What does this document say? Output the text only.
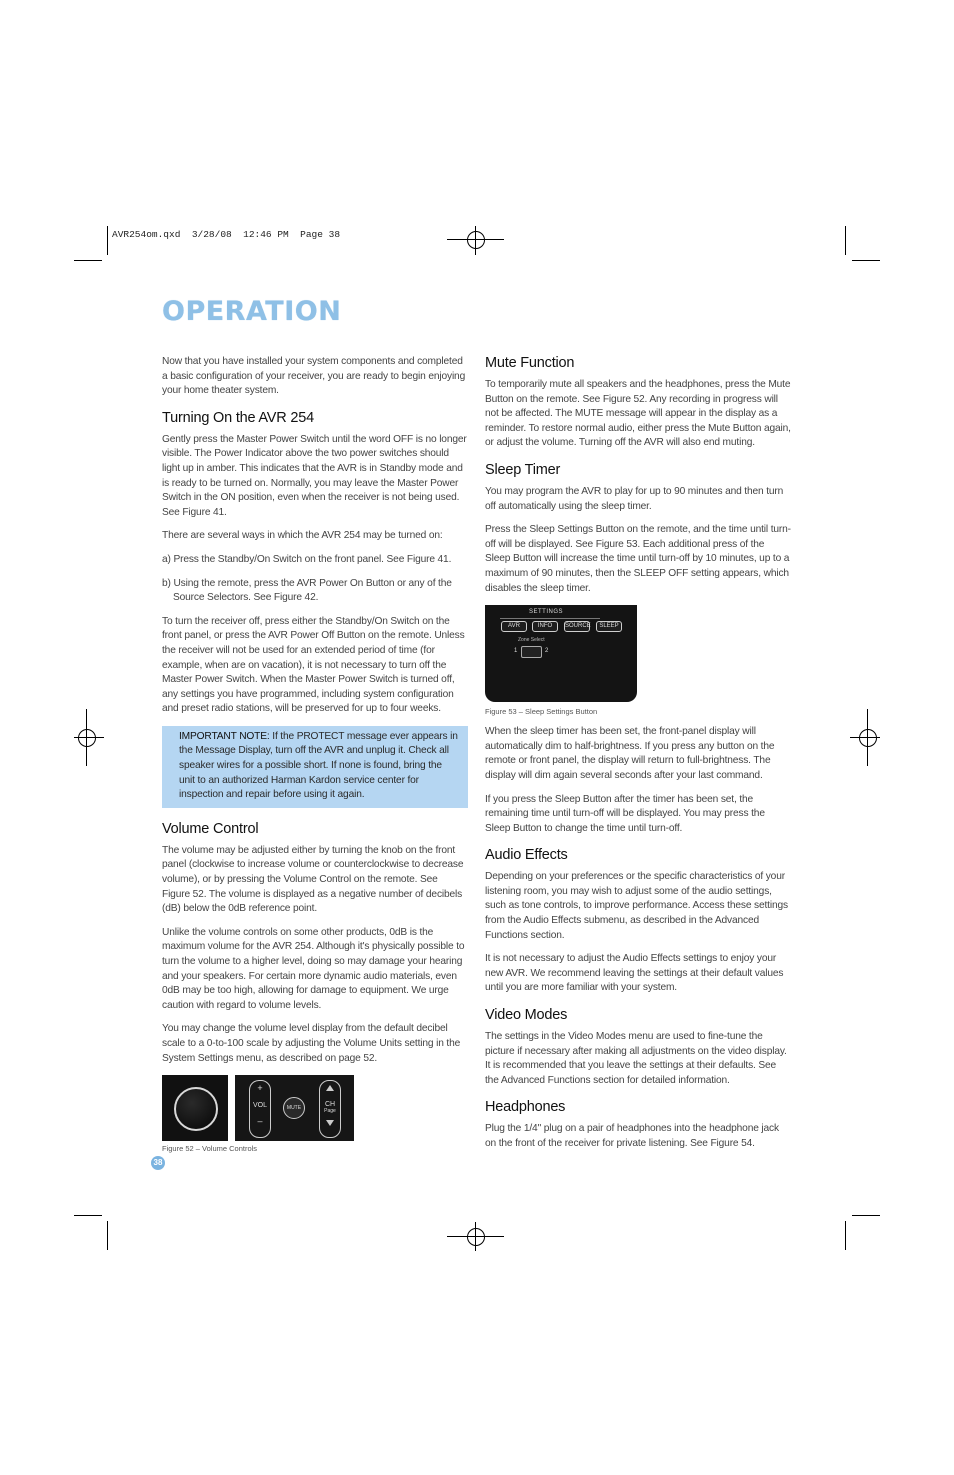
AVR254om.qxd  3/28/08  12:46 PM  Page 38
OPERATION

Now that you have installed your system components and completed a basic configuration of your receiver, you are ready to begin enjoying your home theater system.

Turning On the AVR 254

Gently press the Master Power Switch until the word OFF is no longer visible. The Power Indicator above the two power switches should light up in amber. This indicates that the AVR is in Standby mode and is ready to be turned on. Normally, you may leave the Master Power Switch in the ON position, even when the receiver is not being used. See Figure 41.

There are several ways in which the AVR 254 may be turned on:

a) Press the Standby/On Switch on the front panel. See Figure 41.

b) Using the remote, press the AVR Power On Button or any of the Source Selectors. See Figure 42.

To turn the receiver off, press either the Standby/On Switch on the front panel, or press the AVR Power Off Button on the remote. Unless the receiver will not be used for an extended period of time (for example, when are on vacation), it is not necessary to turn off the Master Power Switch. When the Master Power Switch is turned off, any settings you have programmed, including system configuration and preset radio stations, will be preserved for up to four weeks.

IMPORTANT NOTE: If the PROTECT message ever appears in the Message Display, turn off the AVR and unplug it. Check all speaker wires for a possible short. If none is found, bring the unit to an authorized Harman Kardon service center for inspection and repair before using it again.

Volume Control

The volume may be adjusted either by turning the knob on the front panel (clockwise to increase volume or counterclockwise to decrease volume), or by pressing the Volume Control on the remote. See Figure 52. The volume is displayed as a negative number of decibels (dB) below the 0dB reference point.

Unlike the volume controls on some other products, 0dB is the maximum volume for the AVR 254. Although it's physically possible to turn the volume to a higher level, doing so may damage your hearing and your speakers. For certain more dynamic audio materials, even 0dB may be too high, allowing for damage to equipment. We urge caution with regard to volume levels.

You may change the volume level display from the default decibel scale to a 0-to-100 scale by adjusting the Volume Units setting in the System Settings menu, as described on page 52.

+
VOL
–
MUTE	CH
Page
Figure 52 – Volume Controls
Mute Function

To temporarily mute all speakers and the headphones, press the Mute Button on the remote. See Figure 52. Any recording in progress will not be affected. The MUTE message will appear in the display as a reminder. To restore normal audio, either press the Mute Button again, or adjust the volume. Turning off the AVR will also end muting.

Sleep Timer

You may program the AVR to play for up to 90 minutes and then turn off automatically using the sleep timer.

Press the Sleep Settings Button on the remote, and the time until turn-off will be displayed. See Figure 53. Each additional press of the Sleep Button will increase the time until turn-off by 10 minutes, up to a maximum of 90 minutes, then the SLEEP OFF setting appears, which disables the sleep timer.

SETTINGS
AVR	INFO	SOURCE	SLEEP
Zone Select
1	2
Figure 53 – Sleep Settings Button

When the sleep timer has been set, the front-panel display will automatically dim to half-brightness. If you press any button on the remote or front panel, the display will return to full-brightness. The display will dim again several seconds after your last command.

If you press the Sleep Button after the timer has been set, the remaining time until turn-off will be displayed. You may press the Sleep Button to change the time until turn-off.

Audio Effects

Depending on your preferences or the specific characteristics of your listening room, you may wish to adjust some of the audio settings, such as tone controls, to improve performance. Access these settings from the Audio Effects submenu, as described in the Advanced Functions section.

It is not necessary to adjust the Audio Effects settings to enjoy your new AVR. We recommend leaving the settings at their default values until you are more familiar with your system.

Video Modes

The settings in the Video Modes menu are used to fine-tune the picture if necessary after making all adjustments on the video display. It is recommended that you leave the settings at their defaults. See the Advanced Functions section for detailed information.

Headphones

Plug the 1/4" plug on a pair of headphones into the headphone jack on the front of the receiver for private listening. See Figure 54.

38
